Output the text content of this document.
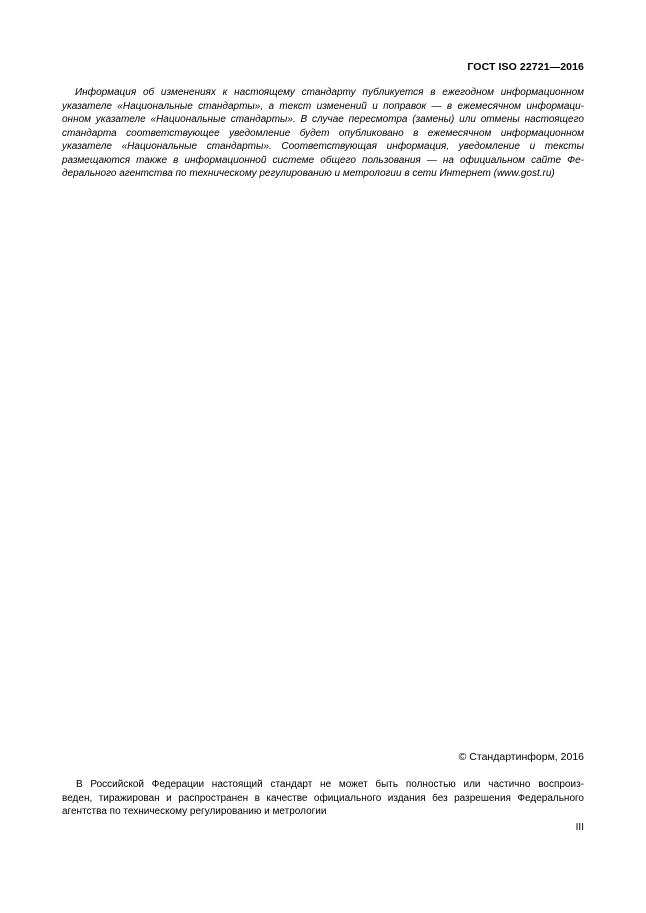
ГОСТ ISO 22721—2016
Информация об изменениях к настоящему стандарту публикуется в ежегодном информационном
указателе «Национальные стандарты», а текст изменений и поправок — в ежемесячном информаци-
онном указателе «Национальные стандарты». В случае пересмотра (замены) или отмены настоящего
стандарта соответствующее уведомление будет опубликовано в ежемесячном информационном
указателе «Национальные стандарты». Соответствующая информация, уведомление и тексты
размещаются также в информационной системе общего пользования — на официальном сайте Фе-
дерального агентства по техническому регулированию и метрологии в сети Интернет (www.gost.ru)
© Стандартинформ, 2016
В Российской Федерации настоящий стандарт не может быть полностью или частично воспроиз-
веден, тиражирован и распространен в качестве официального издания без разрешения Федерального
агентства по техническому регулированию и метрологии
III
